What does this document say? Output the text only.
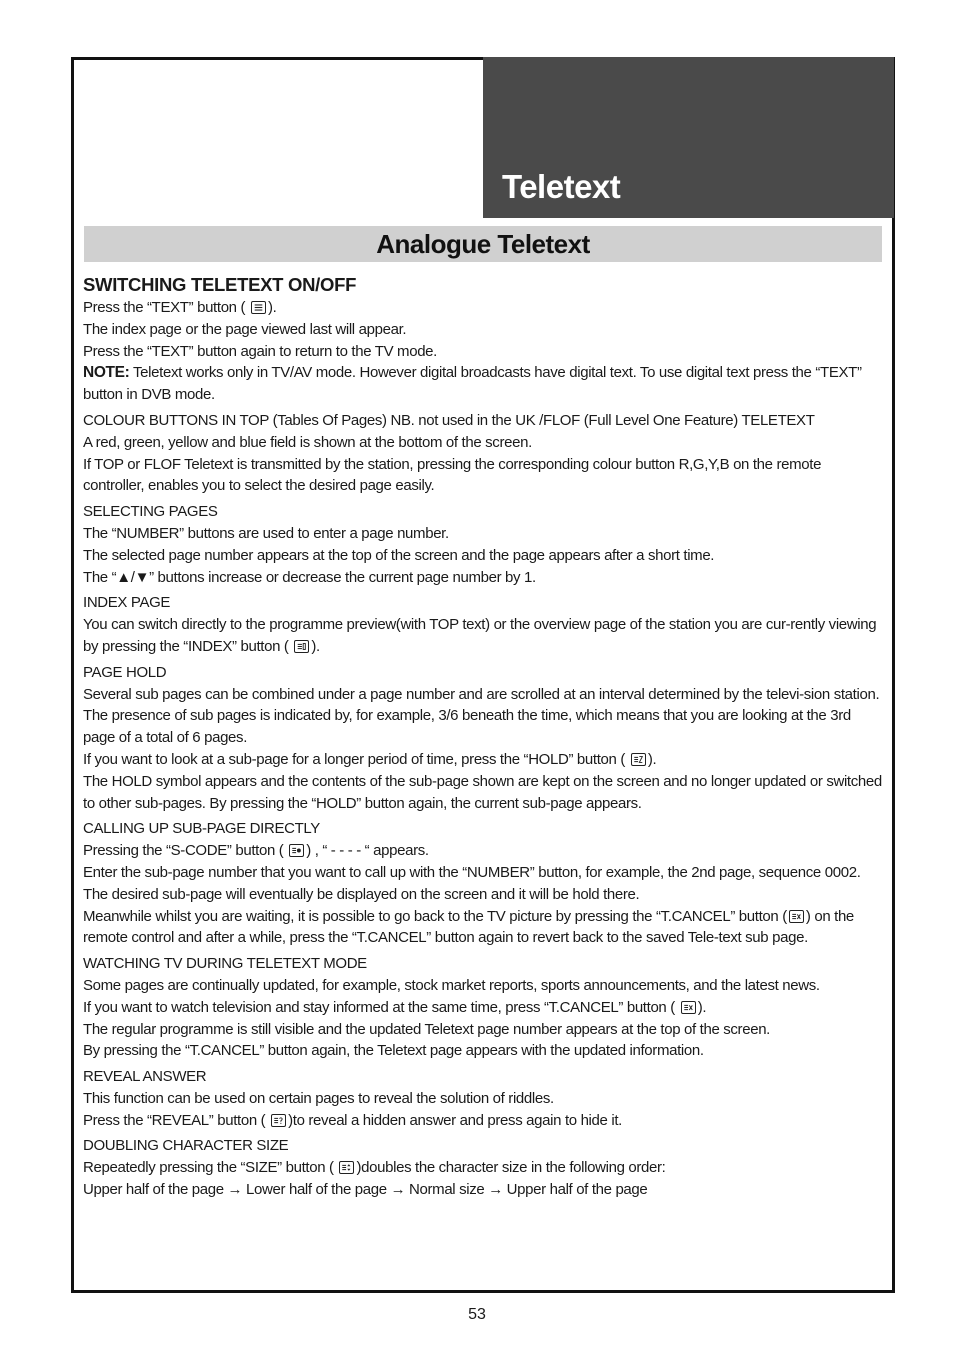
Teletext
Analogue Teletext

SWITCHING TELETEXT ON/OFF

Press the “TEXT” button ( ).

The index page or the page viewed last will appear.

Press the “TEXT” button again to return to the TV mode.

NOTE: Teletext works only in TV/AV mode. However digital broadcasts have digital text. To use digital text press the “TEXT” button in DVB mode.

COLOUR BUTTONS IN TOP (Tables Of Pages) NB. not used in the UK /FLOF (Full Level One Feature) TELETEXT

A red, green, yellow and blue field is shown at the bottom of the screen.

If TOP or FLOF Teletext is transmitted by the station, pressing the corresponding colour button R,G,Y,B on the remote controller, enables you to select the desired page easily.

SELECTING PAGES

The “NUMBER” buttons are used to enter a page number.

The selected page number appears at the top of the screen and the page appears after a short time.

The “▲/▼” buttons increase or decrease the current page number by 1.

INDEX PAGE

You can switch directly to the programme preview(with TOP text) or the overview page of the station you are cur-rently viewing by pressing the “INDEX” button ( ).

PAGE HOLD

Several sub pages can be combined under a page number and are scrolled at an interval determined by the televi-sion station. The presence of sub pages is indicated by, for example, 3/6 beneath the time, which means that you are looking at the 3rd page of a total of 6 pages.

If you want to look at a sub-page for a longer period of time, press the “HOLD” button ( ).

The HOLD symbol appears and the contents of the sub-page shown are kept on the screen and no longer updated or switched to other sub-pages. By pressing the “HOLD” button again, the current sub-page appears.

CALLING UP SUB-PAGE DIRECTLY

Pressing the “S-CODE” button ( ) , “ - - - - “ appears.

Enter the sub-page number that you want to call up with the “NUMBER” button, for example, the 2nd page, sequence 0002. The desired sub-page will eventually be displayed on the screen and it will be hold there.

Meanwhile whilst you are waiting, it is possible to go back to the TV picture by pressing the “T.CANCEL” button ( ) on the remote control and after a while, press the “T.CANCEL” button again to revert back to the saved Tele-text sub page.

WATCHING TV DURING TELETEXT MODE

Some pages are continually updated, for example, stock market reports, sports announcements, and the latest news.

If you want to watch television and stay informed at the same time, press “T.CANCEL” button ( ).

The regular programme is still visible and the updated Teletext page number appears at the top of the screen.

By pressing the “T.CANCEL” button again, the Teletext page appears with the updated information.

REVEAL ANSWER

This function can be used on certain pages to reveal the solution of riddles.

Press the “REVEAL” button ( )to reveal a hidden answer and press again to hide it.

DOUBLING CHARACTER SIZE

Repeatedly pressing the “SIZE” button ( )doubles the character size in the following order:

Upper half of the page → Lower half of the page → Normal size → Upper half of the page

53
